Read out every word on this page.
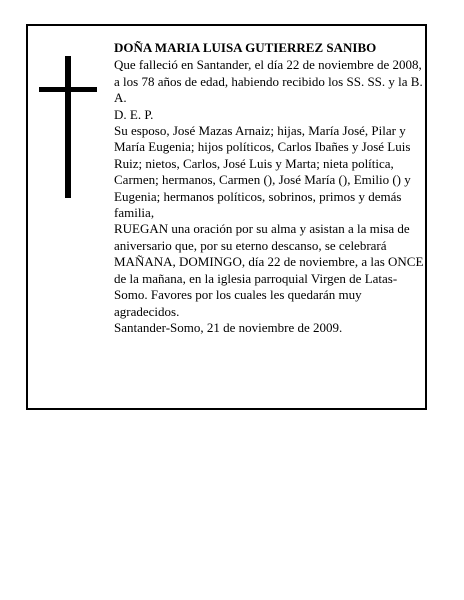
DOÑA MARIA LUISA GUTIERREZ SANIBO

Que falleció en Santander, el día 22 de noviembre de 2008,

a los 78 años de edad, habiendo recibido los SS. SS. y la B. A.

D. E. P.

Su esposo, José Mazas Arnaiz; hijas, María José, Pilar y María Eugenia; hijos políticos, Carlos Ibañes y José Luis Ruiz; nietos, Carlos, José Luis y Marta; nieta política, Carmen; hermanos, Carmen (), José María (), Emilio () y Eugenia; hermanos políticos, sobrinos, primos y demás familia,

RUEGAN una oración por su alma y asistan a la misa de aniversario que, por su eterno descanso, se celebrará MAÑANA, DOMINGO, día 22 de noviembre, a las ONCE de la mañana, en la iglesia parroquial Virgen de Latas-Somo. Favores por los cuales les quedarán muy agradecidos.

Santander-Somo, 21 de noviembre de 2009.
